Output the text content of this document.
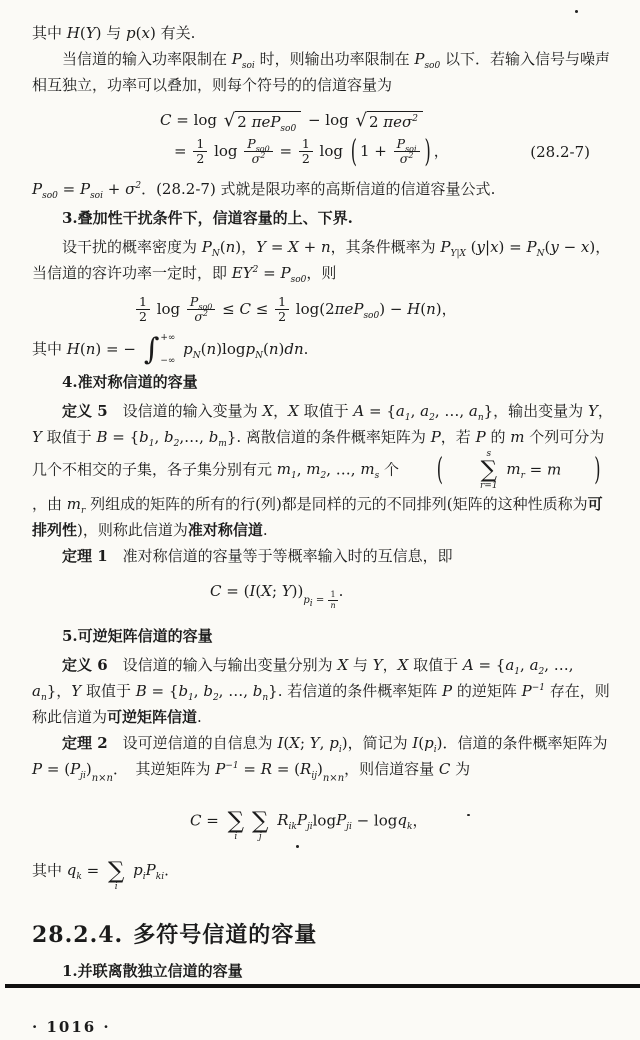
其中 H(Y) 与 p(x) 有关.

当信道的输入功率限制在 $P_{soi}$ 时，则输出功率限制在 $P_{so0}$ 以下．若输入信号与噪声相互独立，功率可以叠加，则每个符号的的信道容量为

C = log √ 2 πeP$_{so0}$ − log √ 2 πeσ$^2$
= $\frac{1}{2}$ $\log \frac{P_{so0}}{\sigma^2} = \frac{1}{2}$ log ( $1 + \frac{P_{soi}}{\sigma^2}$ ) ，	(28.2-7)

$P_{so0} = P_{soi} + \sigma^2$．(28.2-7) 式就是限功率的高斯信道的信道容量公式.

3.叠加性干扰条件下，信道容量的上、下界.

设干扰的概率密度为 $P_N(n)$，Y = X + n，其条件概率为 $P_{Y|X}$ $(y|x) = P_N(y - x)$，当信道的容许功率一定时，即 $EY^2 = P_{so0}$，则

$\frac{1}{2}$ $\log \frac{P_{so0}}{\sigma^2} \le C \le \frac{1}{2} \log(2\pi eP_{so0}) - H(n)$，

其中 H(n) = − ∫ +∞
−∞
$p_N(n)\log p_N(n)dn$.

4.准对称信道的容量

定义 5　设信道的输入变量为 X，X 取值于 $A = \{a_1$, $a_2$, …, $a_n$}，输出变量为 Y，Y 取值于 $B = \{b_1$, $b_2,\dots$, $b_m$}. 离散信道的条件概率矩阵为 P，若 P 的 m 个列可分为几个不相交的子集，各子集分别有元 $m_1$, $m_2$, …, $m_s$ 个 (	s
∑
r=1
$m_r = m$ )，由 $m_r$ 列组成的矩阵的所有的行(列)都是同样的元的不同排列(矩阵的这种性质称为可排列性)，则称此信道为准对称信道.

定理 1　准对称信道的容量等于等概率输入时的互信息，即

C = (I(X; $Y))_{p_i = \frac{1}{n}}$ .

5.可逆矩阵信道的容量

定义 6　设信道的输入与输出变量分别为 X 与 Y，X 取值于 $A = \{a_1$, $a_2$, …, $a_n$}，Y 取值于 $B = \{b_1$, $b_2$, …, $b_n$}. 若信道的条件概率矩阵 P 的逆矩阵 $P^{-1}$ 存在，则称此信道为可逆矩阵信道.

定理 2　设可逆信道的自信息为 I(X; Y, $p_i$)，简记为 $I(p_i)$．信道的条件概率矩阵为 $P = (P_{ji})_{n\times n}$．　其逆矩阵为 $P^{-1} = R = (R_{ij})_{n\times n}$，则信道容量 C 为

C =
∑
i

∑
j
$R_{ik}P_{ji}\log P_{ji} - \log q_k$，

其中 $q_k$ =
∑
i
$p_iP_{ki}$.

28.2.4. 多符号信道的容量

1.并联离散独立信道的容量

· 1016 ·
